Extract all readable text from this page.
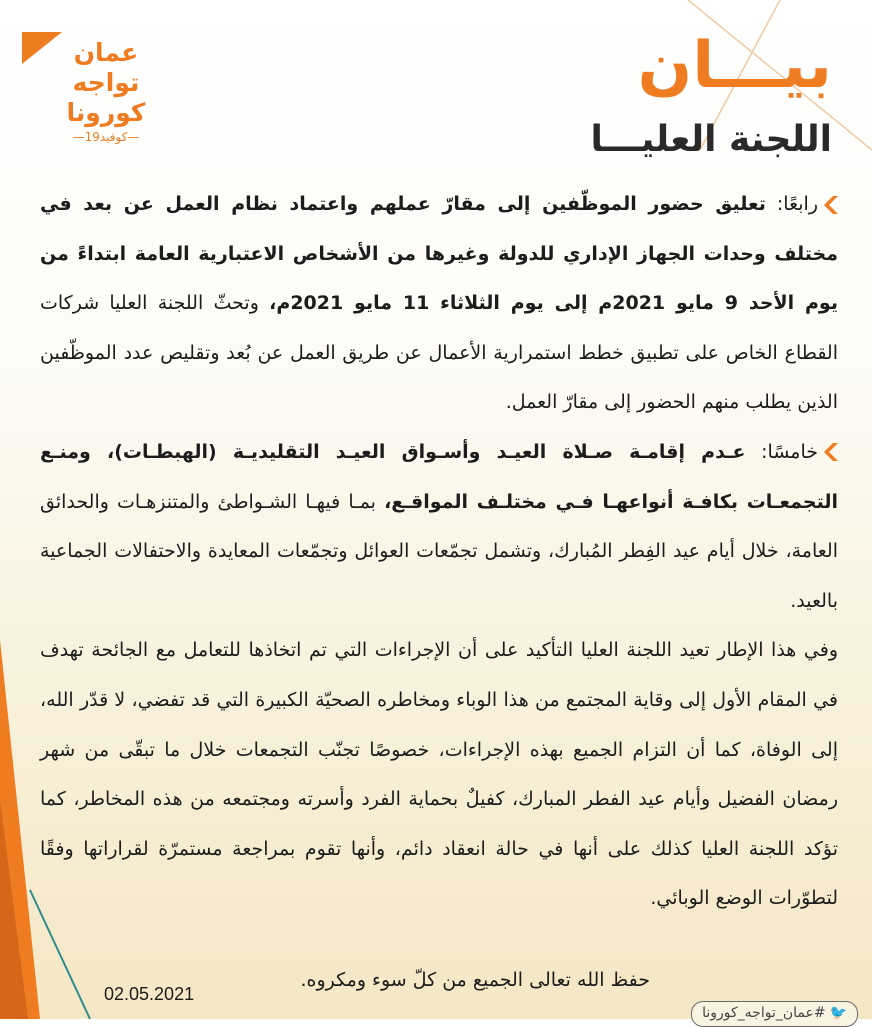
عمان
تواجه
كورونا
—كوفيد19—
بيـــان
اللجنة العليـــا

رابعًا: تعليق حضور الموظّفين إلى مقارّ عملهم واعتماد نظام العمل عن بعد في مختلف وحدات الجهاز الإداري للدولة وغيرها من الأشخاص الاعتبارية العامة ابتداءً من يوم الأحد 9 مايو 2021م إلى يوم الثلاثاء 11 مايو 2021م، وتحثّ اللجنة العليا شركات القطاع الخاص على تطبيق خطط استمرارية الأعمال عن طريق العمل عن بُعد وتقليص عدد الموظّفين الذين يطلب منهم الحضور إلى مقارّ العمل.

خامسًا: عـدم إقامـة صـلاة العيـد وأسـواق العيـد التقليديـة (الهبطـات)، ومنـع التجمعـات بكافـة أنواعهـا فـي مختلـف المواقـع، بمـا فيهـا الشـواطئ والمتنزهـات والحدائق العامة، خلال أيام عيد الفِطر المُبارك، وتشمل تجمّعات العوائل وتجمّعات المعايدة والاحتفالات الجماعية بالعيد.

وفي هذا الإطار تعيد اللجنة العليا التأكيد على أن الإجراءات التي تم اتخاذها للتعامل مع الجائحة تهدف في المقام الأول إلى وقاية المجتمع من هذا الوباء ومخاطره الصحيّة الكبيرة التي قد تفضي، لا قدّر الله، إلى الوفاة، كما أن التزام الجميع بهذه الإجراءات، خصوصًا تجنّب التجمعات خلال ما تبقّى من شهر رمضان الفضيل وأيام عيد الفطر المبارك، كفيلٌ بحماية الفرد وأسرته ومجتمعه من هذه المخاطر، كما تؤكد اللجنة العليا كذلك على أنها في حالة انعقاد دائم، وأنها تقوم بمراجعة مستمرّة لقراراتها وفقًا لتطوّرات الوضع الوبائي.

حفظ الله تعالى الجميع من كلّ سوء ومكروه.
02.05.2021
🐦#عمان_تواجه_كورونا
